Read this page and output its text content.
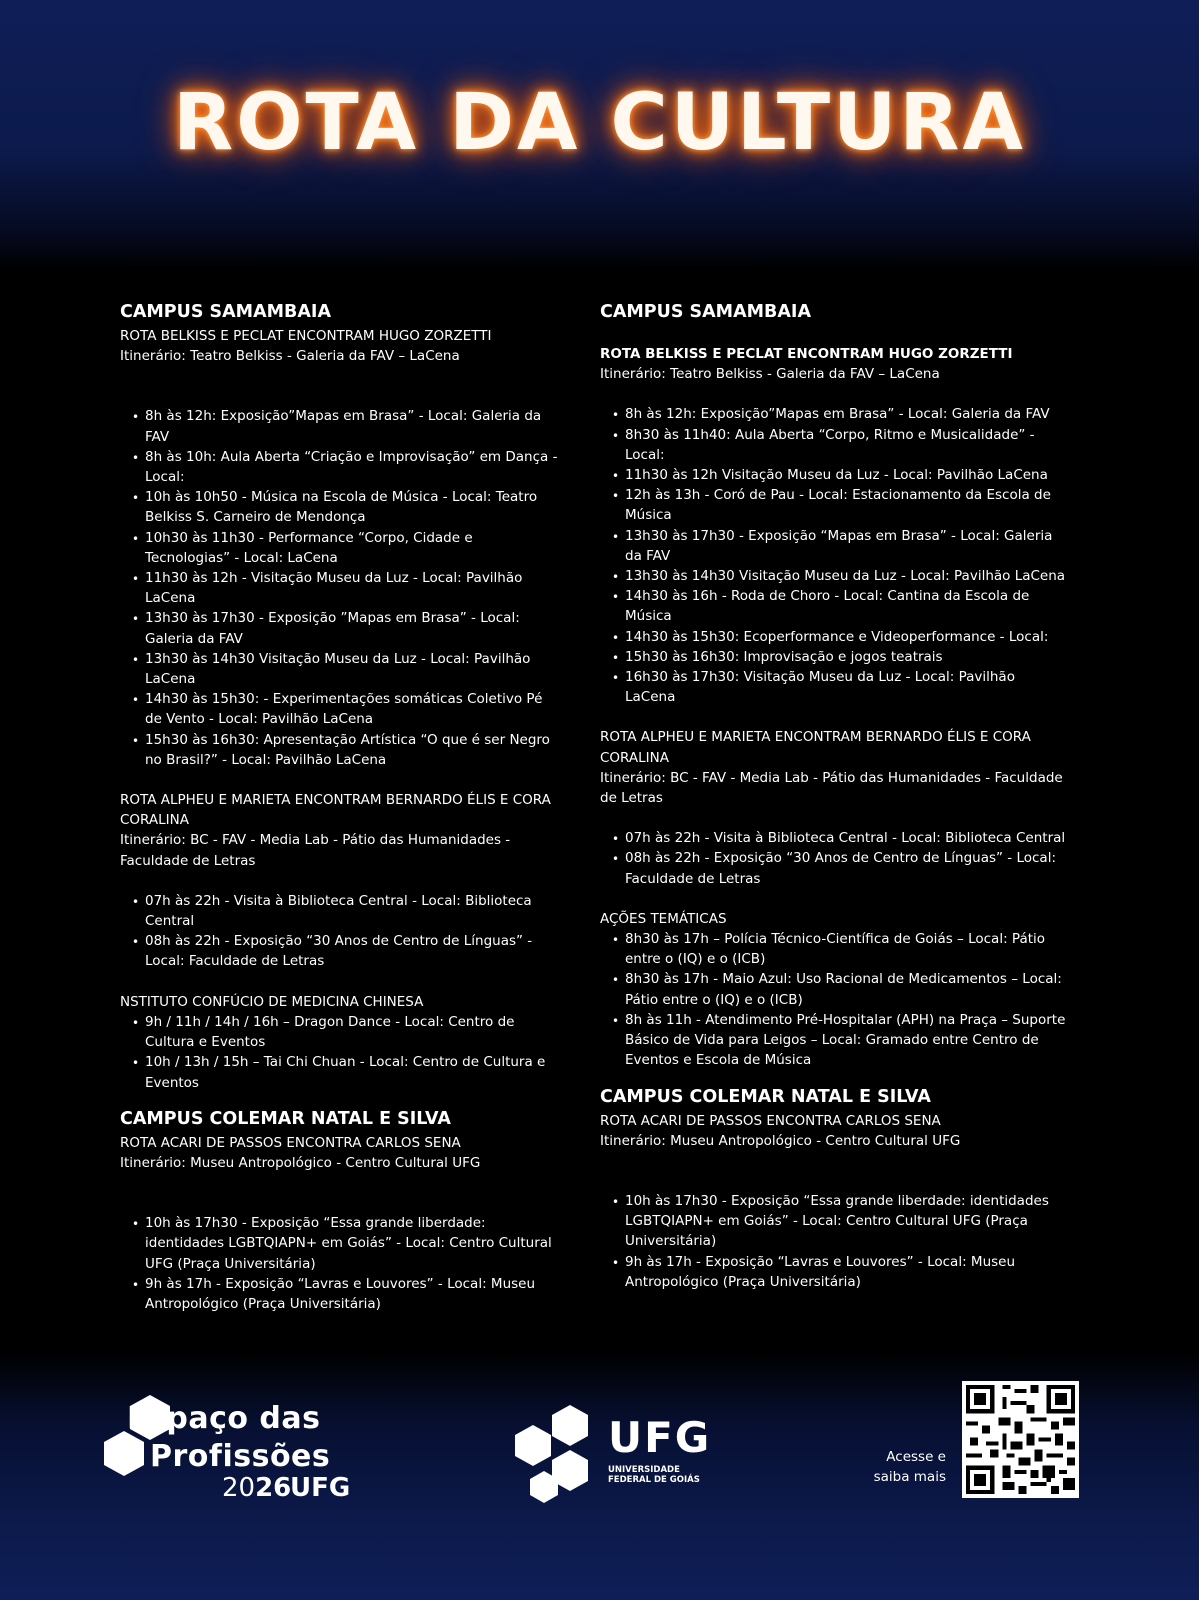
ROTA DA CULTURA

CAMPUS SAMAMBAIA

ROTA BELKISS E PECLAT ENCONTRAM HUGO ZORZETTI

Itinerário: Teatro Belkiss - Galeria da FAV – LaCena

• 8h às 12h: Exposição”Mapas em Brasa” - Local: Galeria da FAV
• 8h às 10h: Aula Aberta “Criação e Improvisação” em Dança - Local:
• 10h às 10h50 - Música na Escola de Música - Local: Teatro Belkiss S. Carneiro de Mendonça
• 10h30 às 11h30 - Performance “Corpo, Cidade e Tecnologias” - Local: LaCena
• 11h30 às 12h - Visitação Museu da Luz - Local: Pavilhão LaCena
• 13h30 às 17h30 - Exposição ”Mapas em Brasa” - Local: Galeria da FAV
• 13h30 às 14h30 Visitação Museu da Luz - Local: Pavilhão LaCena
• 14h30 às 15h30: - Experimentações somáticas Coletivo Pé de Vento - Local: Pavilhão LaCena
• 15h30 às 16h30: Apresentação Artística “O que é ser Negro no Brasil?” - Local: Pavilhão LaCena

ROTA ALPHEU E MARIETA ENCONTRAM BERNARDO ÉLIS E CORA CORALINA

Itinerário: BC - FAV - Media Lab - Pátio das Humanidades - Faculdade de Letras

• 07h às 22h - Visita à Biblioteca Central - Local: Biblioteca Central
• 08h às 22h - Exposição “30 Anos de Centro de Línguas” - Local: Faculdade de Letras

NSTITUTO CONFÚCIO DE MEDICINA CHINESA

• 9h / 11h / 14h / 16h – Dragon Dance - Local: Centro de Cultura e Eventos
• 10h / 13h / 15h – Tai Chi Chuan - Local: Centro de Cultura e Eventos

CAMPUS COLEMAR NATAL E SILVA

ROTA ACARI DE PASSOS ENCONTRA CARLOS SENA

Itinerário: Museu Antropológico - Centro Cultural UFG

• 10h às 17h30 - Exposição “Essa grande liberdade: identidades LGBTQIAPN+ em Goiás” - Local: Centro Cultural UFG (Praça Universitária)
• 9h às 17h - Exposição “Lavras e Louvores” - Local: Museu Antropológico (Praça Universitária)

CAMPUS SAMAMBAIA

ROTA BELKISS E PECLAT ENCONTRAM HUGO ZORZETTI

Itinerário: Teatro Belkiss - Galeria da FAV – LaCena

• 8h às 12h: Exposição”Mapas em Brasa” - Local: Galeria da FAV
• 8h30 às 11h40: Aula Aberta “Corpo, Ritmo e Musicalidade” - Local:
• 11h30 às 12h Visitação Museu da Luz - Local: Pavilhão LaCena
• 12h às 13h - Coró de Pau - Local: Estacionamento da Escola de Música
• 13h30 às 17h30 - Exposição “Mapas em Brasa” - Local: Galeria da FAV
• 13h30 às 14h30 Visitação Museu da Luz - Local: Pavilhão LaCena
• 14h30 às 16h - Roda de Choro - Local: Cantina da Escola de Música
• 14h30 às 15h30: Ecoperformance e Videoperformance - Local:
• 15h30 às 16h30: Improvisação e jogos teatrais
• 16h30 às 17h30: Visitação Museu da Luz - Local: Pavilhão LaCena

ROTA ALPHEU E MARIETA ENCONTRAM BERNARDO ÉLIS E CORA CORALINA

Itinerário: BC - FAV - Media Lab - Pátio das Humanidades - Faculdade de Letras

• 07h às 22h - Visita à Biblioteca Central - Local: Biblioteca Central
• 08h às 22h - Exposição “30 Anos de Centro de Línguas” - Local: Faculdade de Letras

AÇÕES TEMÁTICAS

• 8h30 às 17h – Polícia Técnico-Científica de Goiás – Local: Pátio entre o (IQ) e o (ICB)
• 8h30 às 17h - Maio Azul: Uso Racional de Medicamentos – Local: Pátio entre o (IQ) e o (ICB)
• 8h às 11h - Atendimento Pré-Hospitalar (APH) na Praça – Suporte Básico de Vida para Leigos – Local: Gramado entre Centro de Eventos e Escola de Música

CAMPUS COLEMAR NATAL E SILVA

ROTA ACARI DE PASSOS ENCONTRA CARLOS SENA

Itinerário: Museu Antropológico - Centro Cultural UFG

• 10h às 17h30 - Exposição “Essa grande liberdade: identidades LGBTQIAPN+ em Goiás” - Local: Centro Cultural UFG (Praça Universitária)
• 9h às 17h - Exposição “Lavras e Louvores” - Local: Museu Antropológico (Praça Universitária)
Espaço das
Profissões
2026
UFG
UFG
UNIVERSIDADE
FEDERAL DE GOIÁS
Acesse e
saiba mais
